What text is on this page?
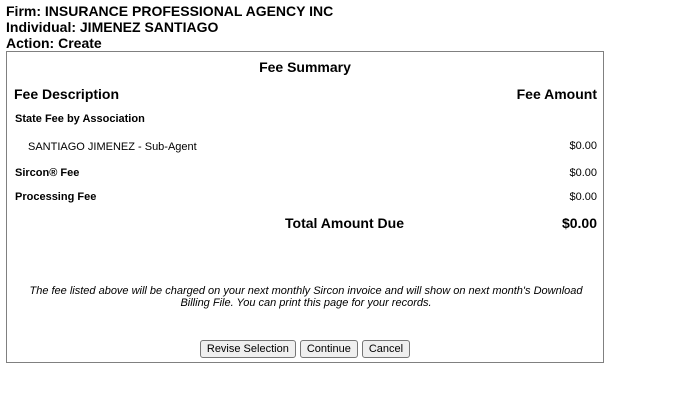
Firm: INSURANCE PROFESSIONAL AGENCY INC
Individual: JIMENEZ SANTIAGO
Action: Create
Fee Summary
Fee Description	Fee Amount
State Fee by Association
SANTIAGO JIMENEZ - Sub-Agent	$0.00
Sircon® Fee	$0.00
Processing Fee	$0.00
Total Amount Due	$0.00
The fee listed above will be charged on your next monthly Sircon invoice and will show on next month's Download Billing File. You can print this page for your records.
Revise Selection Continue Cancel
